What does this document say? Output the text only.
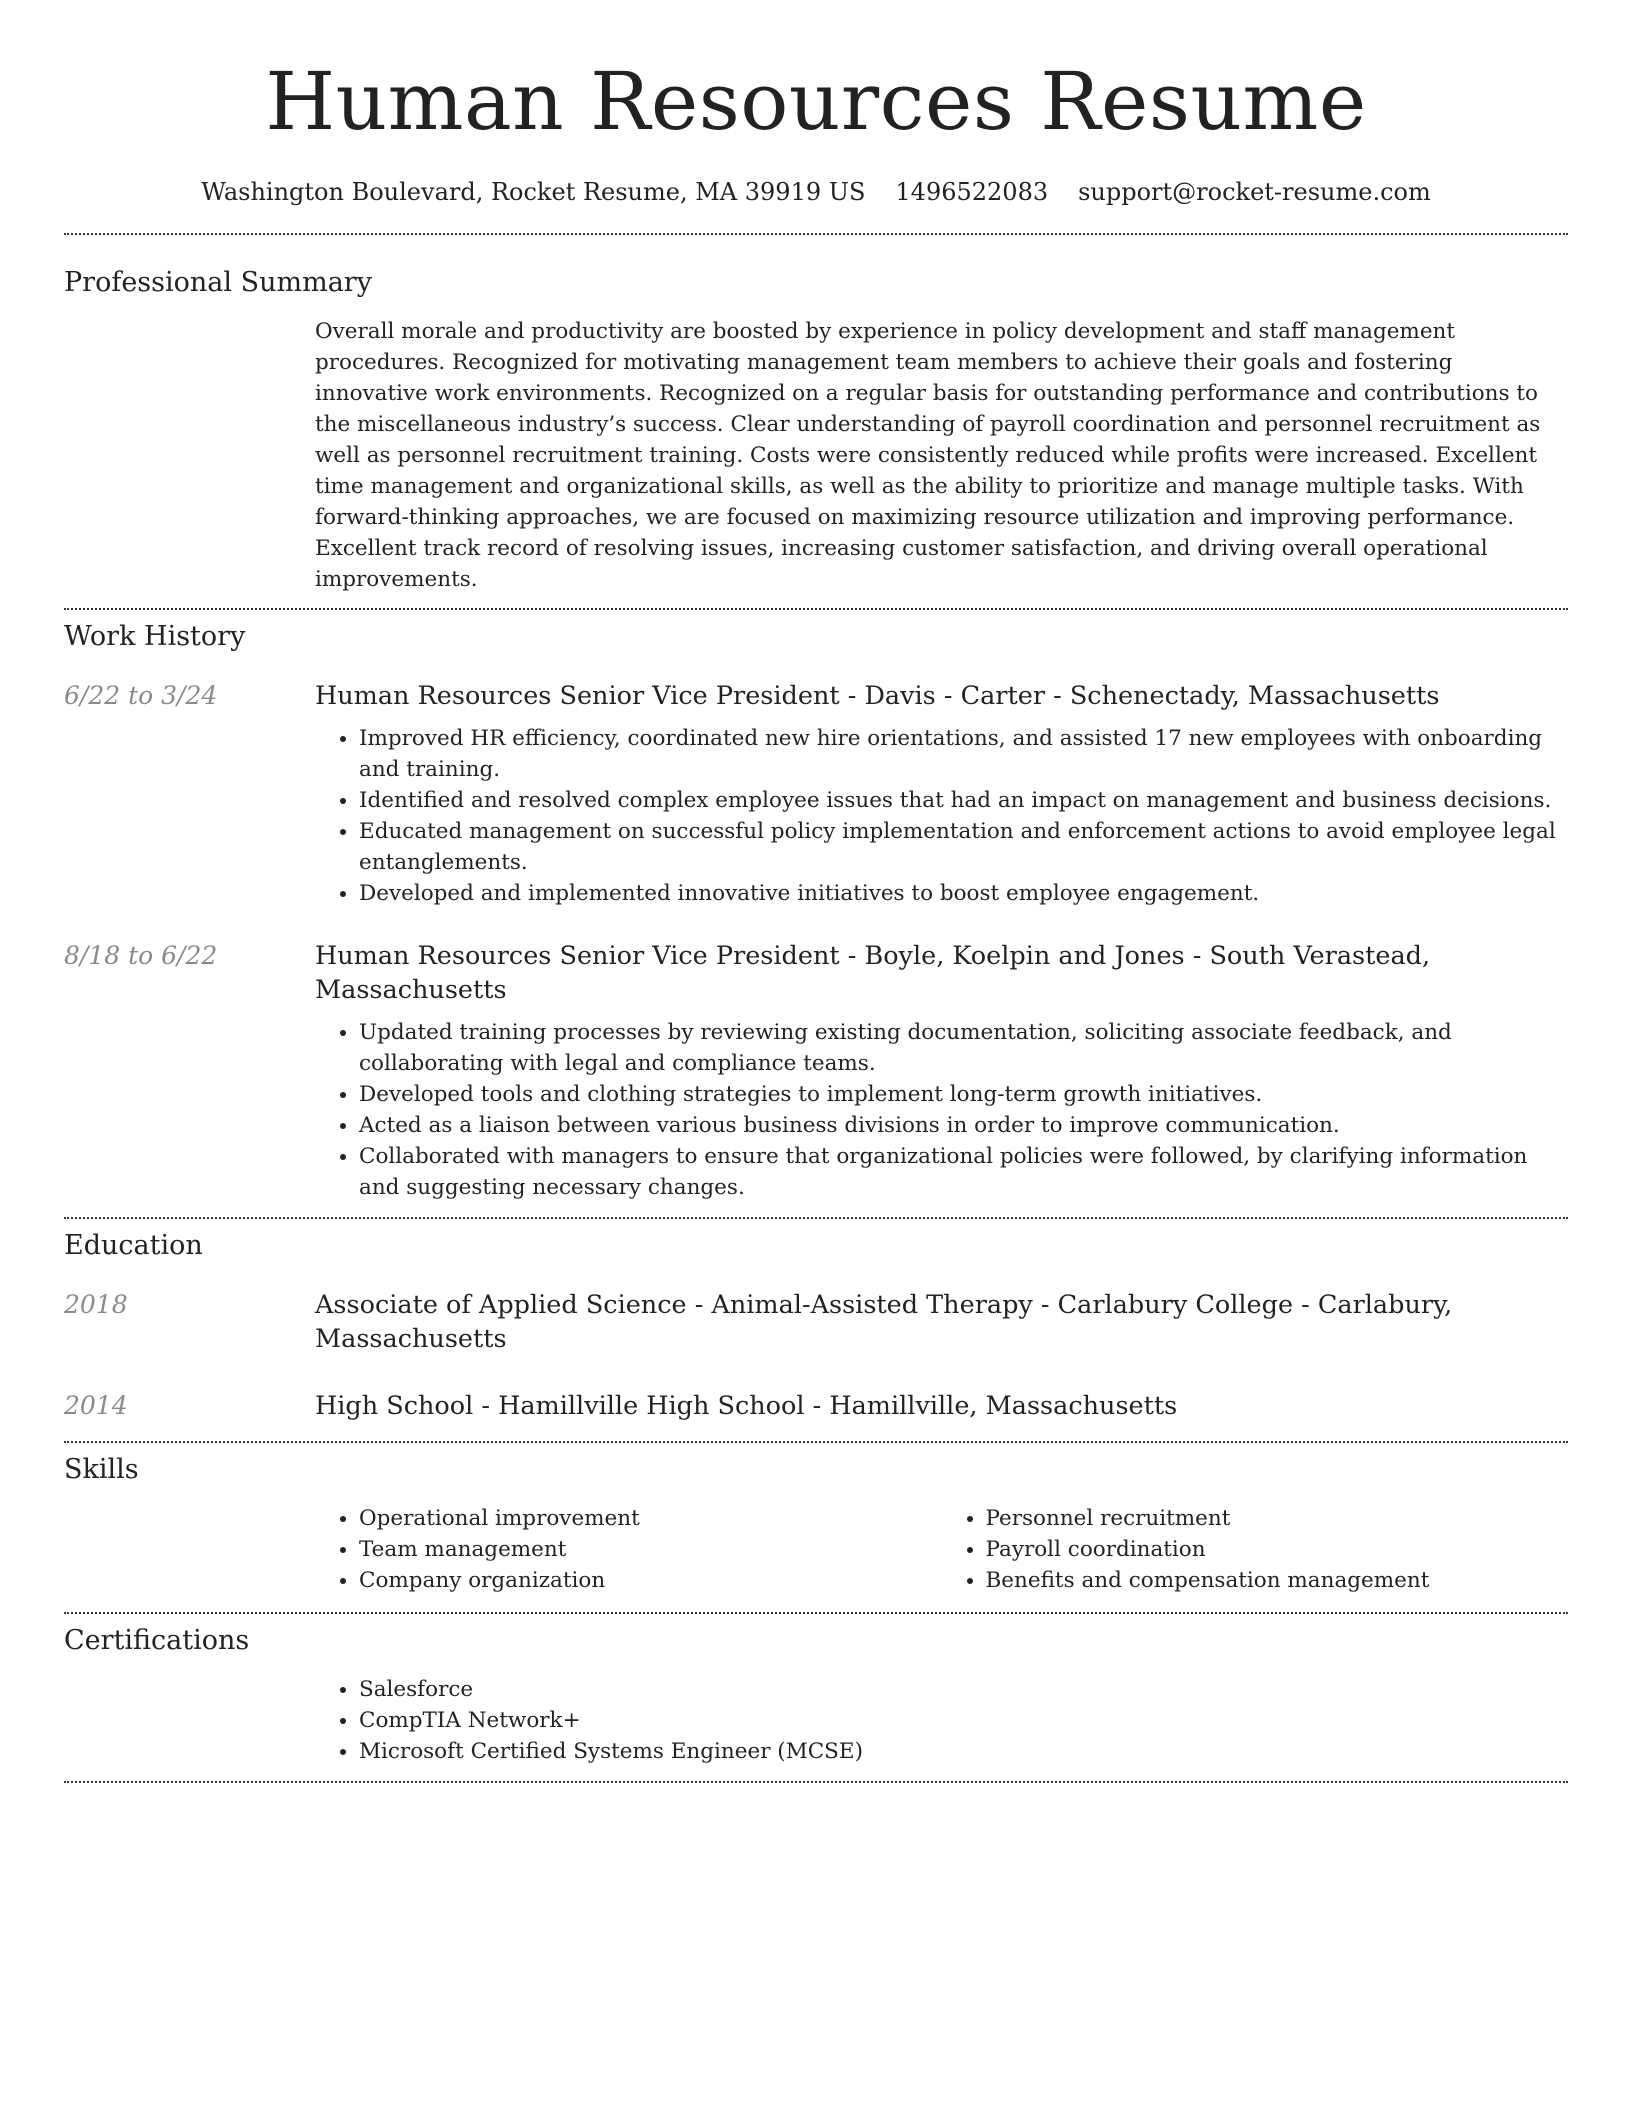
Human Resources Resume
Washington Boulevard, Rocket Resume, MA 39919 US 1496522083 support@rocket-resume.com
Professional Summary

Overall morale and productivity are boosted by experience in policy development and staff management procedures. Recognized for motivating management team members to achieve their goals and fostering innovative work environments. Recognized on a regular basis for outstanding performance and contributions to the miscellaneous industry’s success. Clear understanding of payroll coordination and personnel recruitment as well as personnel recruitment training. Costs were consistently reduced while profits were increased. Excellent time management and organizational skills, as well as the ability to prioritize and manage multiple tasks. With forward-thinking approaches, we are focused on maximizing resource utilization and improving performance. Excellent track record of resolving issues, increasing customer satisfaction, and driving overall operational improvements.

Work History
6/22 to 3/24	Human Resources Senior Vice President - Davis - Carter - Schenectady, Massachusetts
• Improved HR efficiency, coordinated new hire orientations, and assisted 17 new employees with onboarding and training.
• Identified and resolved complex employee issues that had an impact on management and business decisions.
• Educated management on successful policy implementation and enforcement actions to avoid employee legal entanglements.
• Developed and implemented innovative initiatives to boost employee engagement.
8/18 to 6/22	Human Resources Senior Vice President - Boyle, Koelpin and Jones - South Verastead, Massachusetts
• Updated training processes by reviewing existing documentation, soliciting associate feedback, and collaborating with legal and compliance teams.
• Developed tools and clothing strategies to implement long-term growth initiatives.
• Acted as a liaison between various business divisions in order to improve communication.
• Collaborated with managers to ensure that organizational policies were followed, by clarifying information and suggesting necessary changes.
Education
2018	Associate of Applied Science - Animal-Assisted Therapy - Carlabury College - Carlabury, Massachusetts
2014	High School - Hamillville High School - Hamillville, Massachusetts
Skills
• Operational improvement
• Team management
• Company organization
• Personnel recruitment
• Payroll coordination
• Benefits and compensation management
Certifications
• Salesforce
• CompTIA Network+
• Microsoft Certified Systems Engineer (MCSE)
